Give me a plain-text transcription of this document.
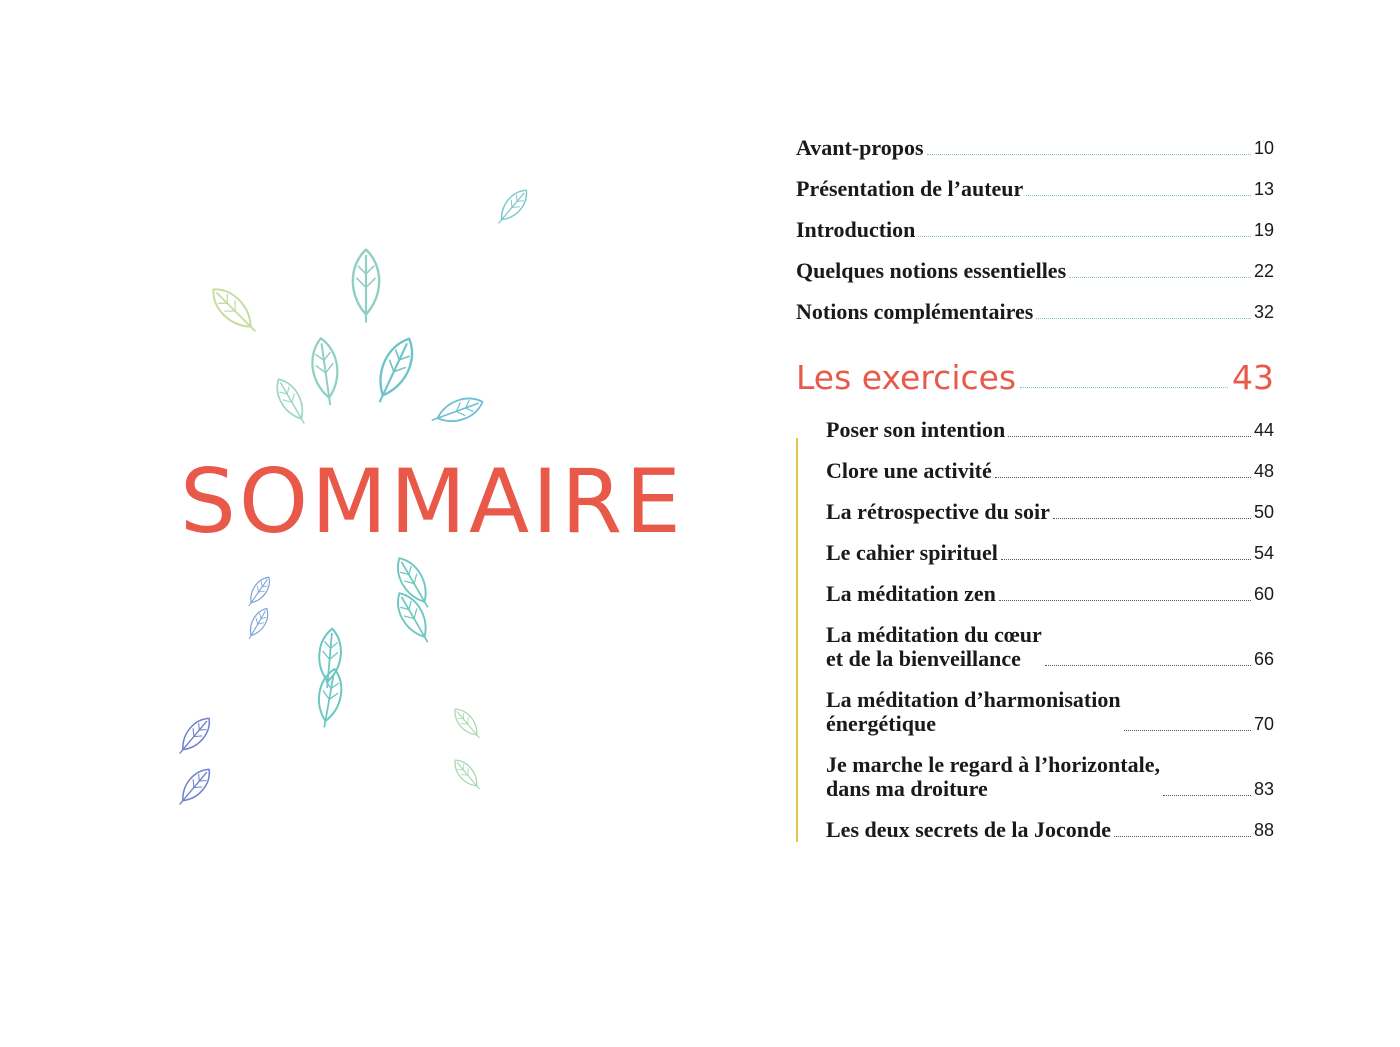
SOMMAIRE
Avant-propos	10
Présentation de l’auteur	13
Introduction	19
Quelques notions essentielles	22
Notions complémentaires	32
Les exercices	43
Poser son intention	44
Clore une activité	48
La rétrospective du soir	50
Le cahier spirituel	54
La méditation zen	60
La méditation du cœur
et de la bienveillance	66
La méditation d’harmonisation
énergétique	70
Je marche le regard à l’horizontale,
dans ma droiture	83
Les deux secrets de la Joconde	88
